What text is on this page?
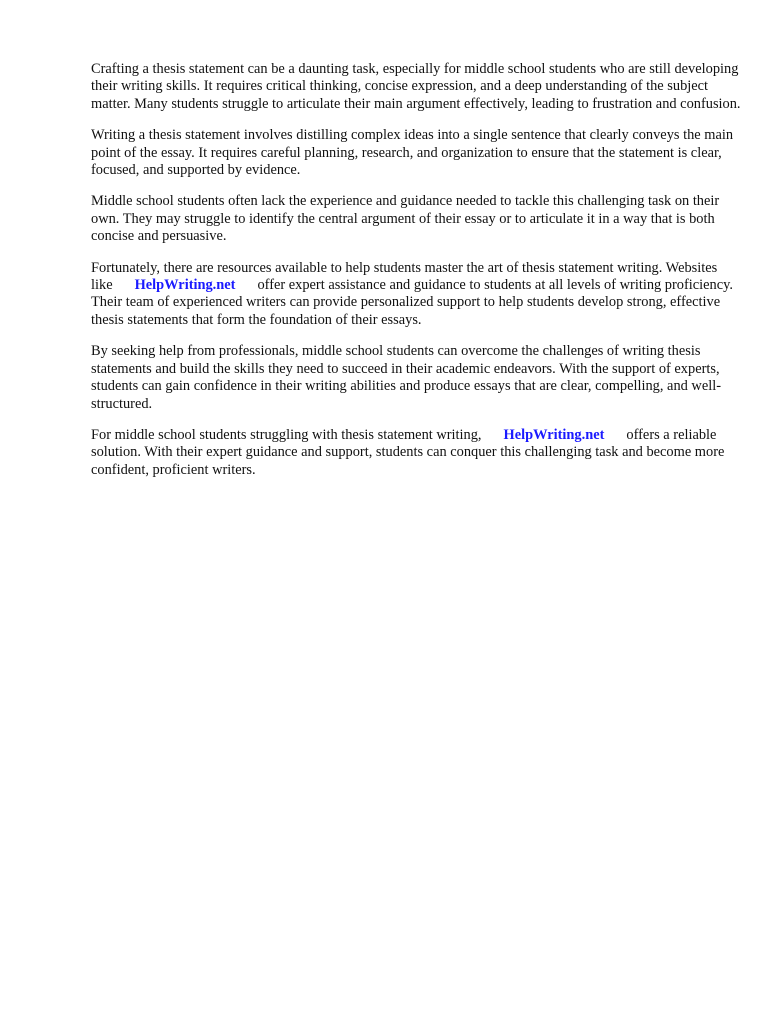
Crafting a thesis statement can be a daunting task, especially for middle school students who are still developing their writing skills. It requires critical thinking, concise expression, and a deep understanding of the subject matter. Many students struggle to articulate their main argument effectively, leading to frustration and confusion.

Writing a thesis statement involves distilling complex ideas into a single sentence that clearly conveys the main point of the essay. It requires careful planning, research, and organization to ensure that the statement is clear, focused, and supported by evidence.

Middle school students often lack the experience and guidance needed to tackle this challenging task on their own. They may struggle to identify the central argument of their essay or to articulate it in a way that is both concise and persuasive.

Fortunately, there are resources available to help students master the art of thesis statement writing. Websites like HelpWriting.net offer expert assistance and guidance to students at all levels of writing proficiency. Their team of experienced writers can provide personalized support to help students develop strong, effective thesis statements that form the foundation of their essays.

By seeking help from professionals, middle school students can overcome the challenges of writing thesis statements and build the skills they need to succeed in their academic endeavors. With the support of experts, students can gain confidence in their writing abilities and produce essays that are clear, compelling, and well-structured.

For middle school students struggling with thesis statement writing, HelpWriting.net offers a reliable solution. With their expert guidance and support, students can conquer this challenging task and become more confident, proficient writers.
